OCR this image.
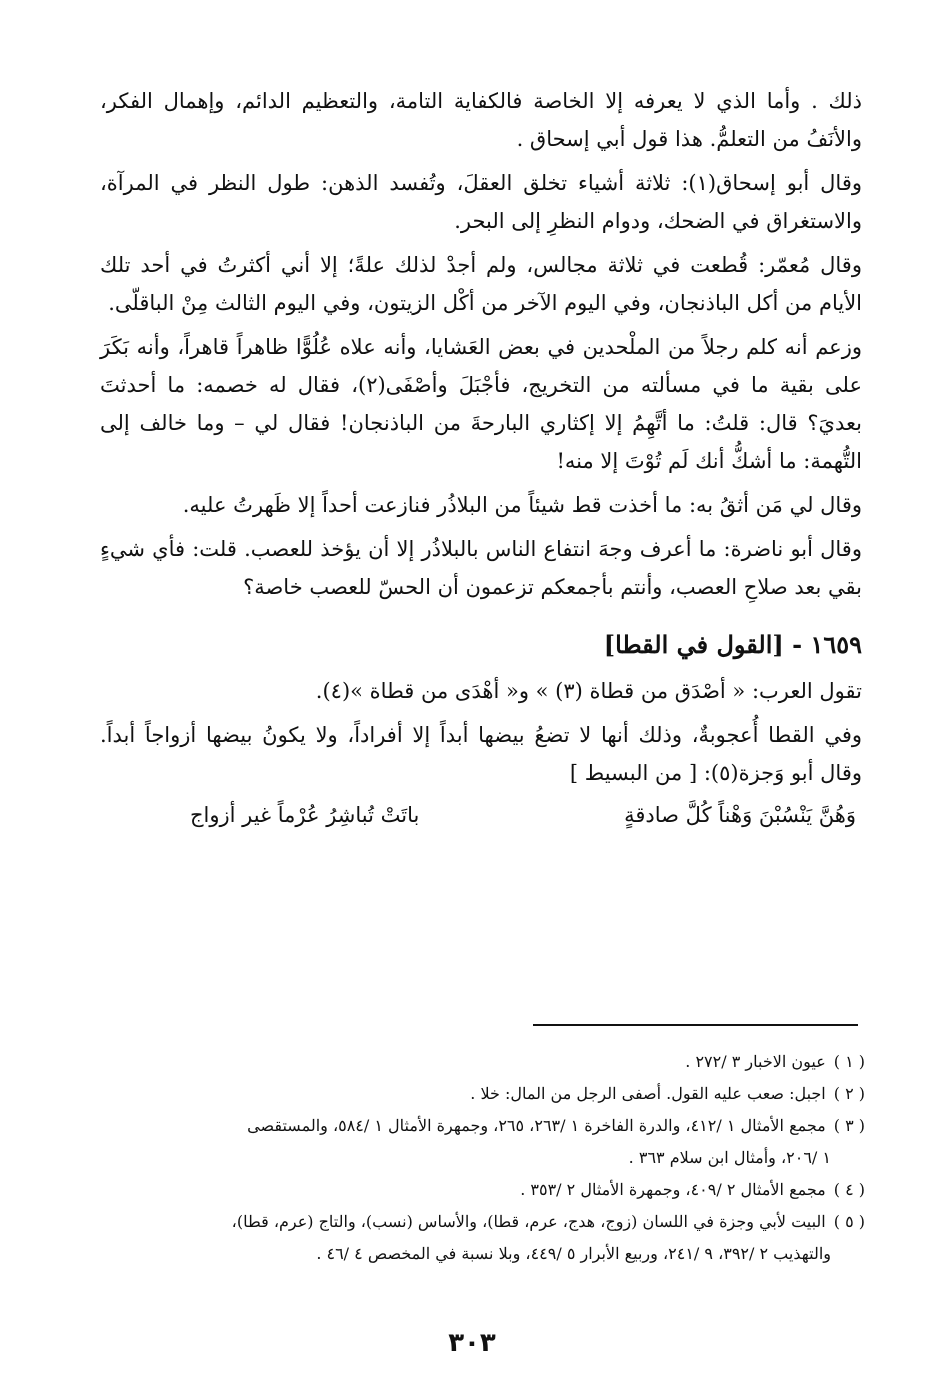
ذلك . وأما الذي لا يعرفه إلا الخاصة فالكفاية التامة، والتعظيم الدائم، وإهمال الفكر، والأنَفُ من التعلمُّ. هذا قول أبي إسحاق .

وقال أبو إسحاق(١): ثلاثة أشياء تخلق العقلَ، وتُفسد الذهن: طول النظر في المرآة، والاستغراق في الضحك، ودوام النظرِ إلى البحر.

وقال مُعمّر: قُطعت في ثلاثة مجالس، ولم أجدْ لذلك علةً؛ إلا أني أكثرتُ في أحد تلك الأيام من أكل الباذنجان، وفي اليوم الآخر من أكْل الزيتون، وفي اليوم الثالث مِنْ الباقلّى.

وزعم أنه كلم رجلاً من الملْحدين في بعض العَشايا، وأنه علاه عُلُوًّا ظاهراً قاهراً، وأنه بَكَرَ على بقية ما في مسألته من التخريج، فأجْبَلَ وأصْفَى(٢)، فقال له خصمه: ما أحدثتَ بعديَ؟ قال: قلتُ: ما أتَّهِمُ إلا إكثاري البارحةَ من الباذنجان! فقال لي – وما خالف إلى التُّهمة: ما أشكُّ أنك لَم تُوْتَ إلا منه!

وقال لي مَن أثقُ به: ما أخذت قط شيئاً من البلاذُر فنازعت أحداً إلا ظَهرتُ عليه.

وقال أبو ناضرة: ما أعرف وجهَ انتفاع الناس بالبلاذُر إلا أن يؤخذ للعصب. قلت: فأي شيءٍ بقي بعد صلاحِ العصب، وأنتم بأجمعكم تزعمون أن الحسّ للعصب خاصة؟

١٦٥٩ - [القول في القطا]

تقول العرب: « أصْدَق من قطاة (٣) » و« أهْدَى من قطاة »(٤).

وفي القطا أُعجوبةٌ، وذلك أنها لا تضعُ بيضها أبداً إلا أفراداً، ولا يكونُ بيضها أزواجاً أبداً. وقال أبو وَجزة(٥): [ من البسيط ]

وَهُنَّ يَنْسُبْنَ وَهْناً كُلَّ صادقةٍ
باتَتْ تُباشِرُ عُرْماً غير أزواج
( ١ )عيون الاخبار ٣ /٢٧٢ .
( ٢ )اجبل: صعب عليه القول. أصفى الرجل من المال: خلا .
( ٣ )مجمع الأمثال ١ /٤١٢، والدرة الفاخرة ١ /٢٦٣، ٢٦٥، وجمهرة الأمثال ١ /٥٨٤، والمستقصى
١ /٢٠٦، وأمثال ابن سلام ٣٦٣ .
( ٤ )مجمع الأمثال ٢ /٤٠٩، وجمهرة الأمثال ٢ /٣٥٣ .
( ٥ )البيت لأبي وجزة في اللسان (زوج، هدج، عرم، قطا)، والأساس (نسب)، والتاج (عرم، قطا)،
والتهذيب ٢ /٣٩٢، ٩ /٢٤١، وربيع الأبرار ٥ /٤٤٩، وبلا نسبة في المخصص ٤ /٤٦ .
٣٠٣
